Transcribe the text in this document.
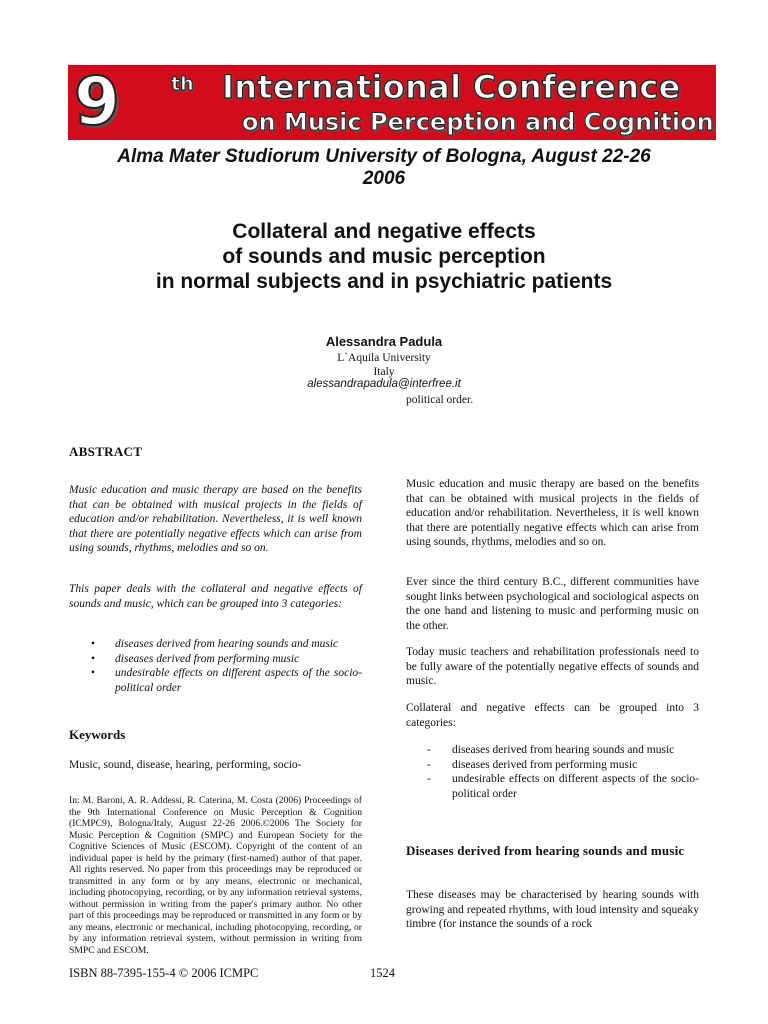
9	th International Conference
on Music Perception and Cognition
Alma Mater Studiorum University of Bologna, August 22-26
2006
Collateral and negative effects
of sounds and music perception
in normal subjects and in psychiatric patients
Alessandra Padula
L`Aquila University
Italy
alessandrapadula@interfree.it
political order.
ABSTRACT
Music education and music therapy are based on the benefits that can be obtained with musical projects in the fields of education and/or rehabilitation. Nevertheless, it is well known that there are potentially negative effects which can arise from using sounds, rhythms, melodies and so on.
This paper deals with the collateral and negative effects of sounds and music, which can be grouped into 3 categories:
• diseases derived from hearing sounds and music
• diseases derived from performing music
• undesirable effects on different aspects of the socio-political order
Keywords
Music, sound, disease, hearing, performing, socio-
In: M. Baroni, A. R. Addessi, R. Caterina, M. Costa (2006) Proceedings of the 9th International Conference on Music Perception & Cognition (ICMPC9), Bologna/Italy, August 22-26 2006.©2006 The Society for Music Perception & Cognition (SMPC) and European Society for the Cognitive Sciences of Music (ESCOM). Copyright of the content of an individual paper is held by the primary (first-named) author of that paper. All rights reserved. No paper from this proceedings may be reproduced or transmitted in any form or by any means, electronic or mechanical, including photocopying, recording, or by any information retrieval systems, without permission in writing from the paper's primary author. No other part of this proceedings may be reproduced or transmitted in any form or by any means, electronic or mechanical, including photocopying, recording, or by any information retrieval system, without permission in writing from SMPC and ESCOM.
Music education and music therapy are based on the benefits that can be obtained with musical projects in the fields of education and/or rehabilitation. Nevertheless, it is well known that there are potentially negative effects which can arise from using sounds, rhythms, melodies and so on.
Ever since the third century B.C., different communities have sought links between psychological and sociological aspects on the one hand and listening to music and performing music on the other.
Today music teachers and rehabilitation professionals need to be fully aware of the potentially negative effects of sounds and music.
Collateral and negative effects can be grouped into 3 categories:
- diseases derived from hearing sounds and music
- diseases derived from performing music
- undesirable effects on different aspects of the socio-political order
Diseases derived from hearing sounds and music
These diseases may be characterised by hearing sounds with growing and repeated rhythms, with loud intensity and squeaky timbre (for instance the sounds of a rock
ISBN 88-7395-155-4 © 2006 ICMPC	1524
